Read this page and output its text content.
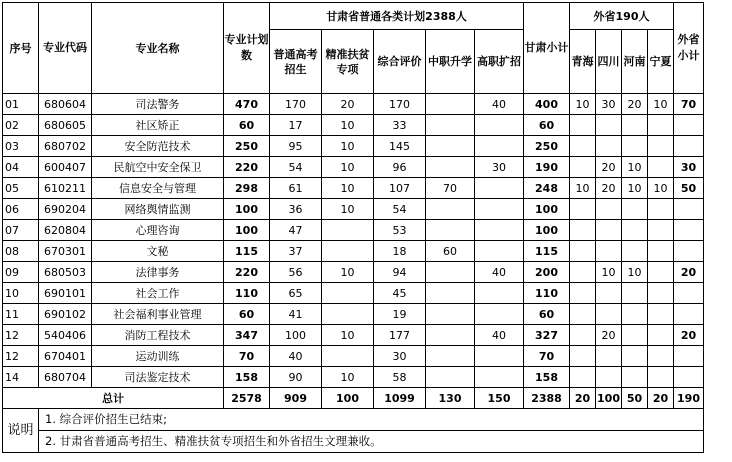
序号	专业代码	专业名称	专业计划数	甘肃省普通各类计划2388人					甘肃小计	外省190人				外省小计
				普通高考招生	精准扶贫专项	综合评价	中职升学	高职扩招		青海	四川	河南	宁夏	
01	680604	司法警务	470	170	20	170		40	400	10	30	20	10	70
02	680605	社区矫正	60	17	10	33			60					
03	680702	安全防范技术	250	95	10	145			250					
04	600407	民航空中安全保卫	220	54	10	96		30	190		20	10		30
05	610211	信息安全与管理	298	61	10	107	70		248	10	20	10	10	50
06	690204	网络舆情监测	100	36	10	54			100					
07	620804	心理咨询	100	47		53			100					
08	670301	文秘	115	37		18	60		115					
09	680503	法律事务	220	56	10	94		40	200		10	10		20
10	690101	社会工作	110	65		45			110					
11	690102	社会福利事业管理	60	41		19			60					
12	540406	消防工程技术	347	100	10	177		40	327		20			20
12	670401	运动训练	70	40		30			70					
14	680704	司法鉴定技术	158	90	10	58			158					
总计			2578	909	100	1099	130	150	2388	20	100	50	20	190
说明	1. 综合评价招生已结束;													
	2. 甘肃省普通高考招生、精准扶贫专项招生和外省招生文理兼收。													
